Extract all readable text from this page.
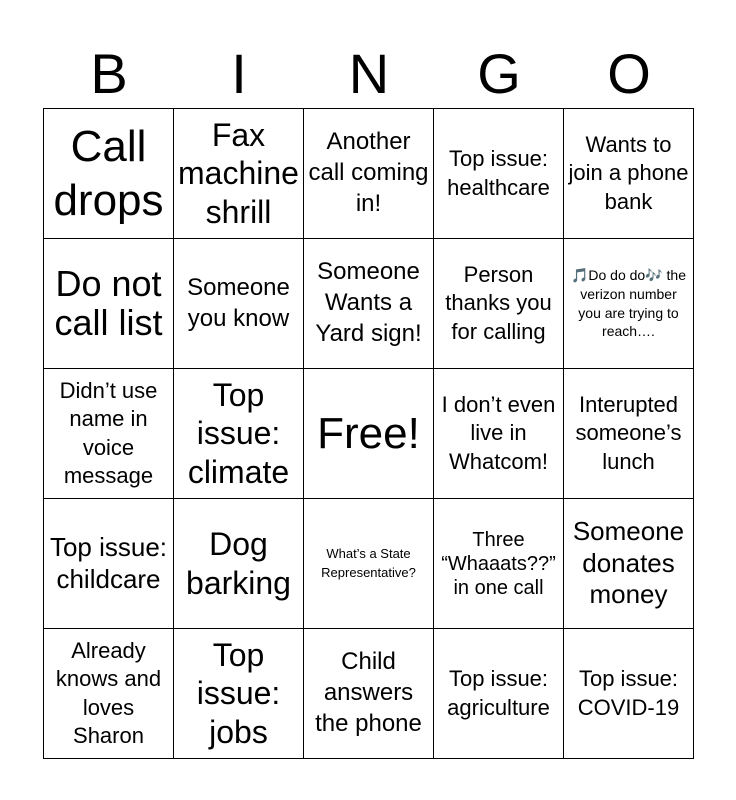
B	I	N	G	O
Call drops
Fax machine shrill
Another call coming in!
Top issue: healthcare
Wants to join a phone bank
Do not call list
Someone you know
Someone Wants a Yard sign!
Person thanks you for calling
🎵Do do do🎶 the verizon number you are trying to reach….
Didn’t use name in voice message
Top issue: climate
Free!
I don’t even live in Whatcom!
Interupted someone’s lunch
Top issue: childcare
Dog barking
What’s a State Representative?
Three “Whaaats??” in one call
Someone donates money
Already knows and loves Sharon
Top issue: jobs
Child answers the phone
Top issue: agriculture
Top issue: COVID-19
